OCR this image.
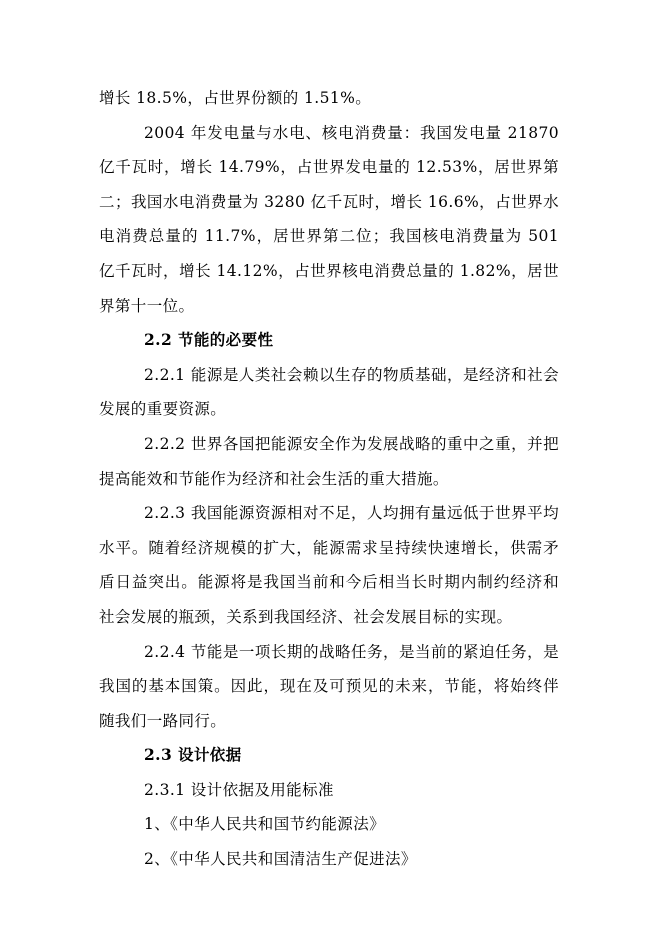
增长 18.5%，占世界份额的 1.51%。

2004 年发电量与水电、核电消费量：我国发电量 21870 亿千瓦时，增长 14.79%，占世界发电量的 12.53%，居世界第二；我国水电消费量为 3280 亿千瓦时，增长 16.6%，占世界水电消费总量的 11.7%，居世界第二位；我国核电消费量为 501 亿千瓦时，增长 14.12%，占世界核电消费总量的 1.82%，居世界第十一位。

2.2 节能的必要性

2.2.1 能源是人类社会赖以生存的物质基础，是经济和社会发展的重要资源。

2.2.2 世界各国把能源安全作为发展战略的重中之重，并把提高能效和节能作为经济和社会生活的重大措施。

2.2.3 我国能源资源相对不足，人均拥有量远低于世界平均水平。随着经济规模的扩大，能源需求呈持续快速增长，供需矛盾日益突出。能源将是我国当前和今后相当长时期内制约经济和社会发展的瓶颈，关系到我国经济、社会发展目标的实现。

2.2.4 节能是一项长期的战略任务，是当前的紧迫任务，是我国的基本国策。因此，现在及可预见的未来，节能，将始终伴随我们一路同行。

2.3 设计依据

2.3.1 设计依据及用能标准

1、《中华人民共和国节约能源法》

2、《中华人民共和国清洁生产促进法》
